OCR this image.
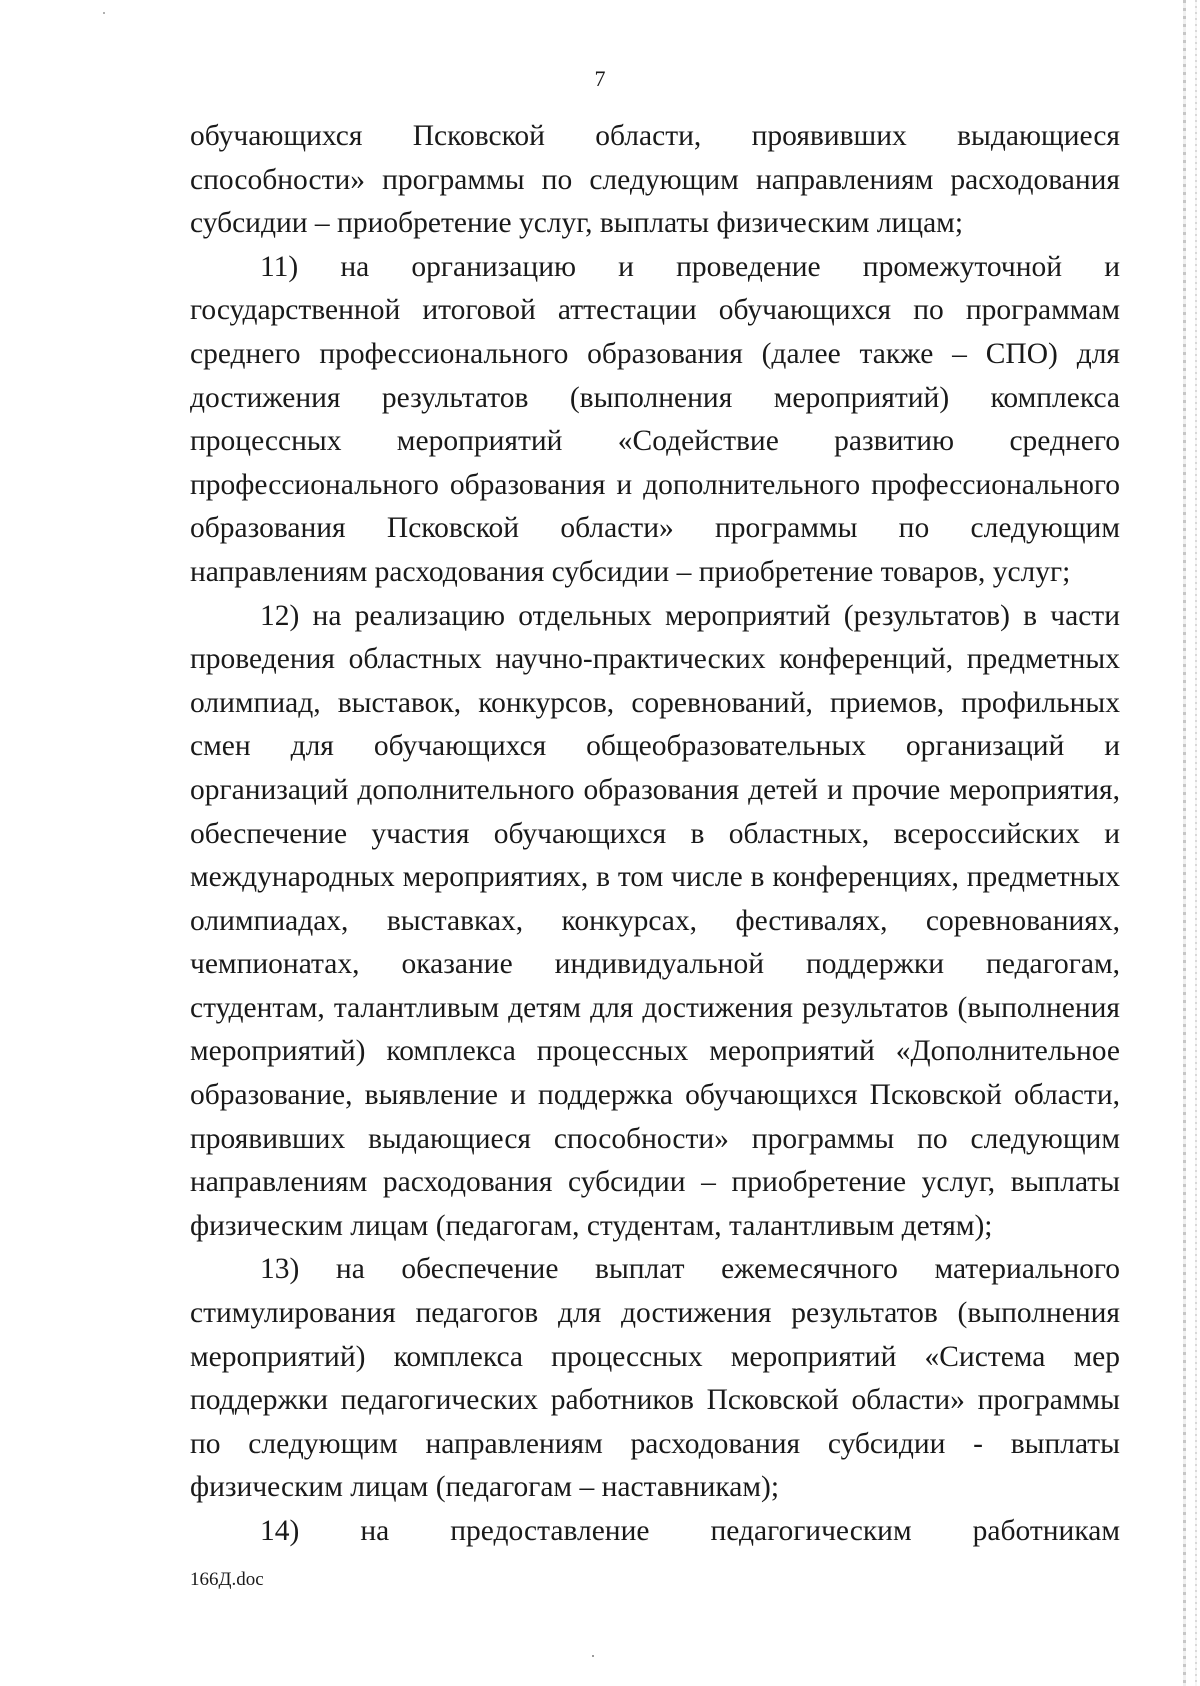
7

обучающихся Псковской области, проявивших выдающиеся способности» программы по следующим направлениям расходования субсидии – приобретение услуг, выплаты физическим лицам;

11) на организацию и проведение промежуточной и государственной итоговой аттестации обучающихся по программам среднего профессионального образования (далее также – СПО) для достижения результатов (выполнения мероприятий) комплекса процессных мероприятий «Содействие развитию среднего профессионального образования и дополнительного профессионального образования Псковской области» программы по следующим направлениям расходования субсидии – приобретение товаров, услуг;

12) на реализацию отдельных мероприятий (результатов) в части проведения областных научно-практических конференций, предметных олимпиад, выставок, конкурсов, соревнований, приемов, профильных смен для обучающихся общеобразовательных организаций и организаций дополнительного образования детей и прочие мероприятия, обеспечение участия обучающихся в областных, всероссийских и международных мероприятиях, в том числе в конференциях, предметных олимпиадах, выставках, конкурсах, фестивалях, соревнованиях, чемпионатах, оказание индивидуальной поддержки педагогам, студентам, талантливым детям для достижения результатов (выполнения мероприятий) комплекса процессных мероприятий «Дополнительное образование, выявление и поддержка обучающихся Псковской области, проявивших выдающиеся способности» программы по следующим направлениям расходования субсидии – приобретение услуг, выплаты физическим лицам (педагогам, студентам, талантливым детям);

13) на обеспечение выплат ежемесячного материального стимулирования педагогов для достижения результатов (выполнения мероприятий) комплекса процессных мероприятий «Система мер поддержки педагогических работников Псковской области» программы по следующим направлениям расходования субсидии - выплаты физическим лицам (педагогам – наставникам);

14) на предоставление педагогическим работникам

166Д.doc
